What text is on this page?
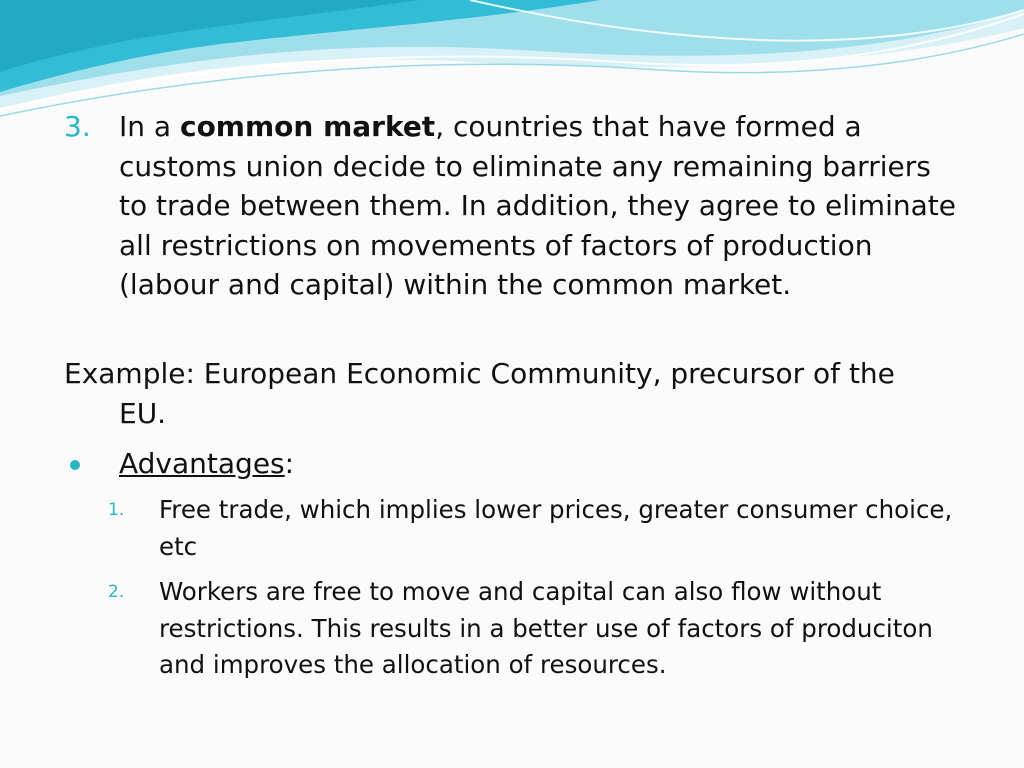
3. In a common market, countries that have formed a customs union decide to eliminate any remaining barriers to trade between them. In addition, they agree to eliminate all restrictions on movements of factors of production (labour and capital) within the common market.
Example: European Economic Community, precursor of the
EU.
Advantages:
1. Free trade, which implies lower prices, greater consumer choice, etc
2. Workers are free to move and capital can also flow without restrictions. This results in a better use of factors of produciton and improves the allocation of resources.
